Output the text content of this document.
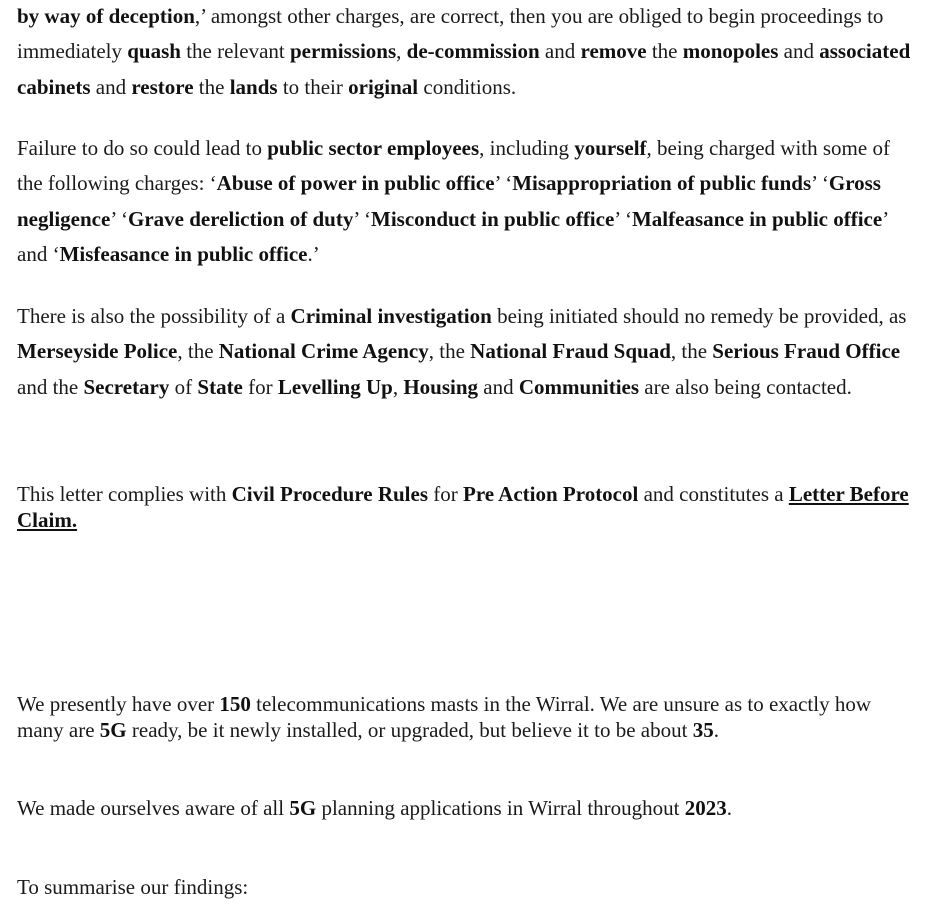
by way of deception,’ amongst other charges, are correct, then you are obliged to begin proceedings to immediately quash the relevant permissions, de-commission and remove the monopoles and associated cabinets and restore the lands to their original conditions.

Failure to do so could lead to public sector employees, including yourself, being charged with some of the following charges: ‘Abuse of power in public office’ ‘Misappropriation of public funds’ ‘Gross negligence’ ‘Grave dereliction of duty’ ‘Misconduct in public office’ ‘Malfeasance in public office’ and ‘Misfeasance in public office.’

There is also the possibility of a Criminal investigation being initiated should no remedy be provided, as Merseyside Police, the National Crime Agency, the National Fraud Squad, the Serious Fraud Office and the Secretary of State for Levelling Up, Housing and Communities are also being contacted.

This letter complies with Civil Procedure Rules for Pre Action Protocol and constitutes a Letter Before Claim.

We presently have over 150 telecommunications masts in the Wirral. We are unsure as to exactly how many are 5G ready, be it newly installed, or upgraded, but believe it to be about 35.

We made ourselves aware of all 5G planning applications in Wirral throughout 2023.

To summarise our findings:
